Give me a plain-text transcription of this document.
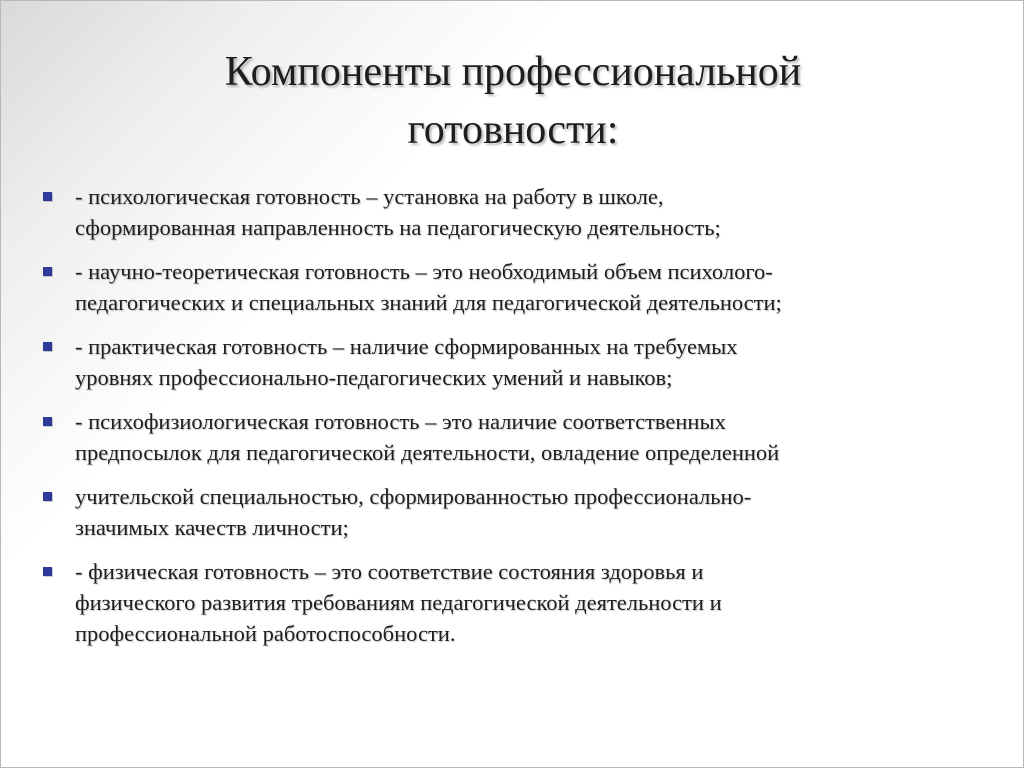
Компоненты профессиональной
готовности:
- психологическая готовность – установка на работу в школе,
сформированная направленность на педагогическую деятельность;
- научно-теоретическая готовность – это необходимый объем психолого-
педагогических и специальных знаний для педагогической деятельности;
- практическая готовность – наличие сформированных на требуемых
уровнях профессионально-педагогических умений и навыков;
- психофизиологическая готовность – это наличие соответственных
предпосылок для педагогической деятельности, овладение определенной
учительской специальностью, сформированностью профессионально-
значимых качеств личности;
- физическая готовность – это соответствие состояния здоровья и
физического развития требованиям педагогической деятельности и
профессиональной работоспособности.
